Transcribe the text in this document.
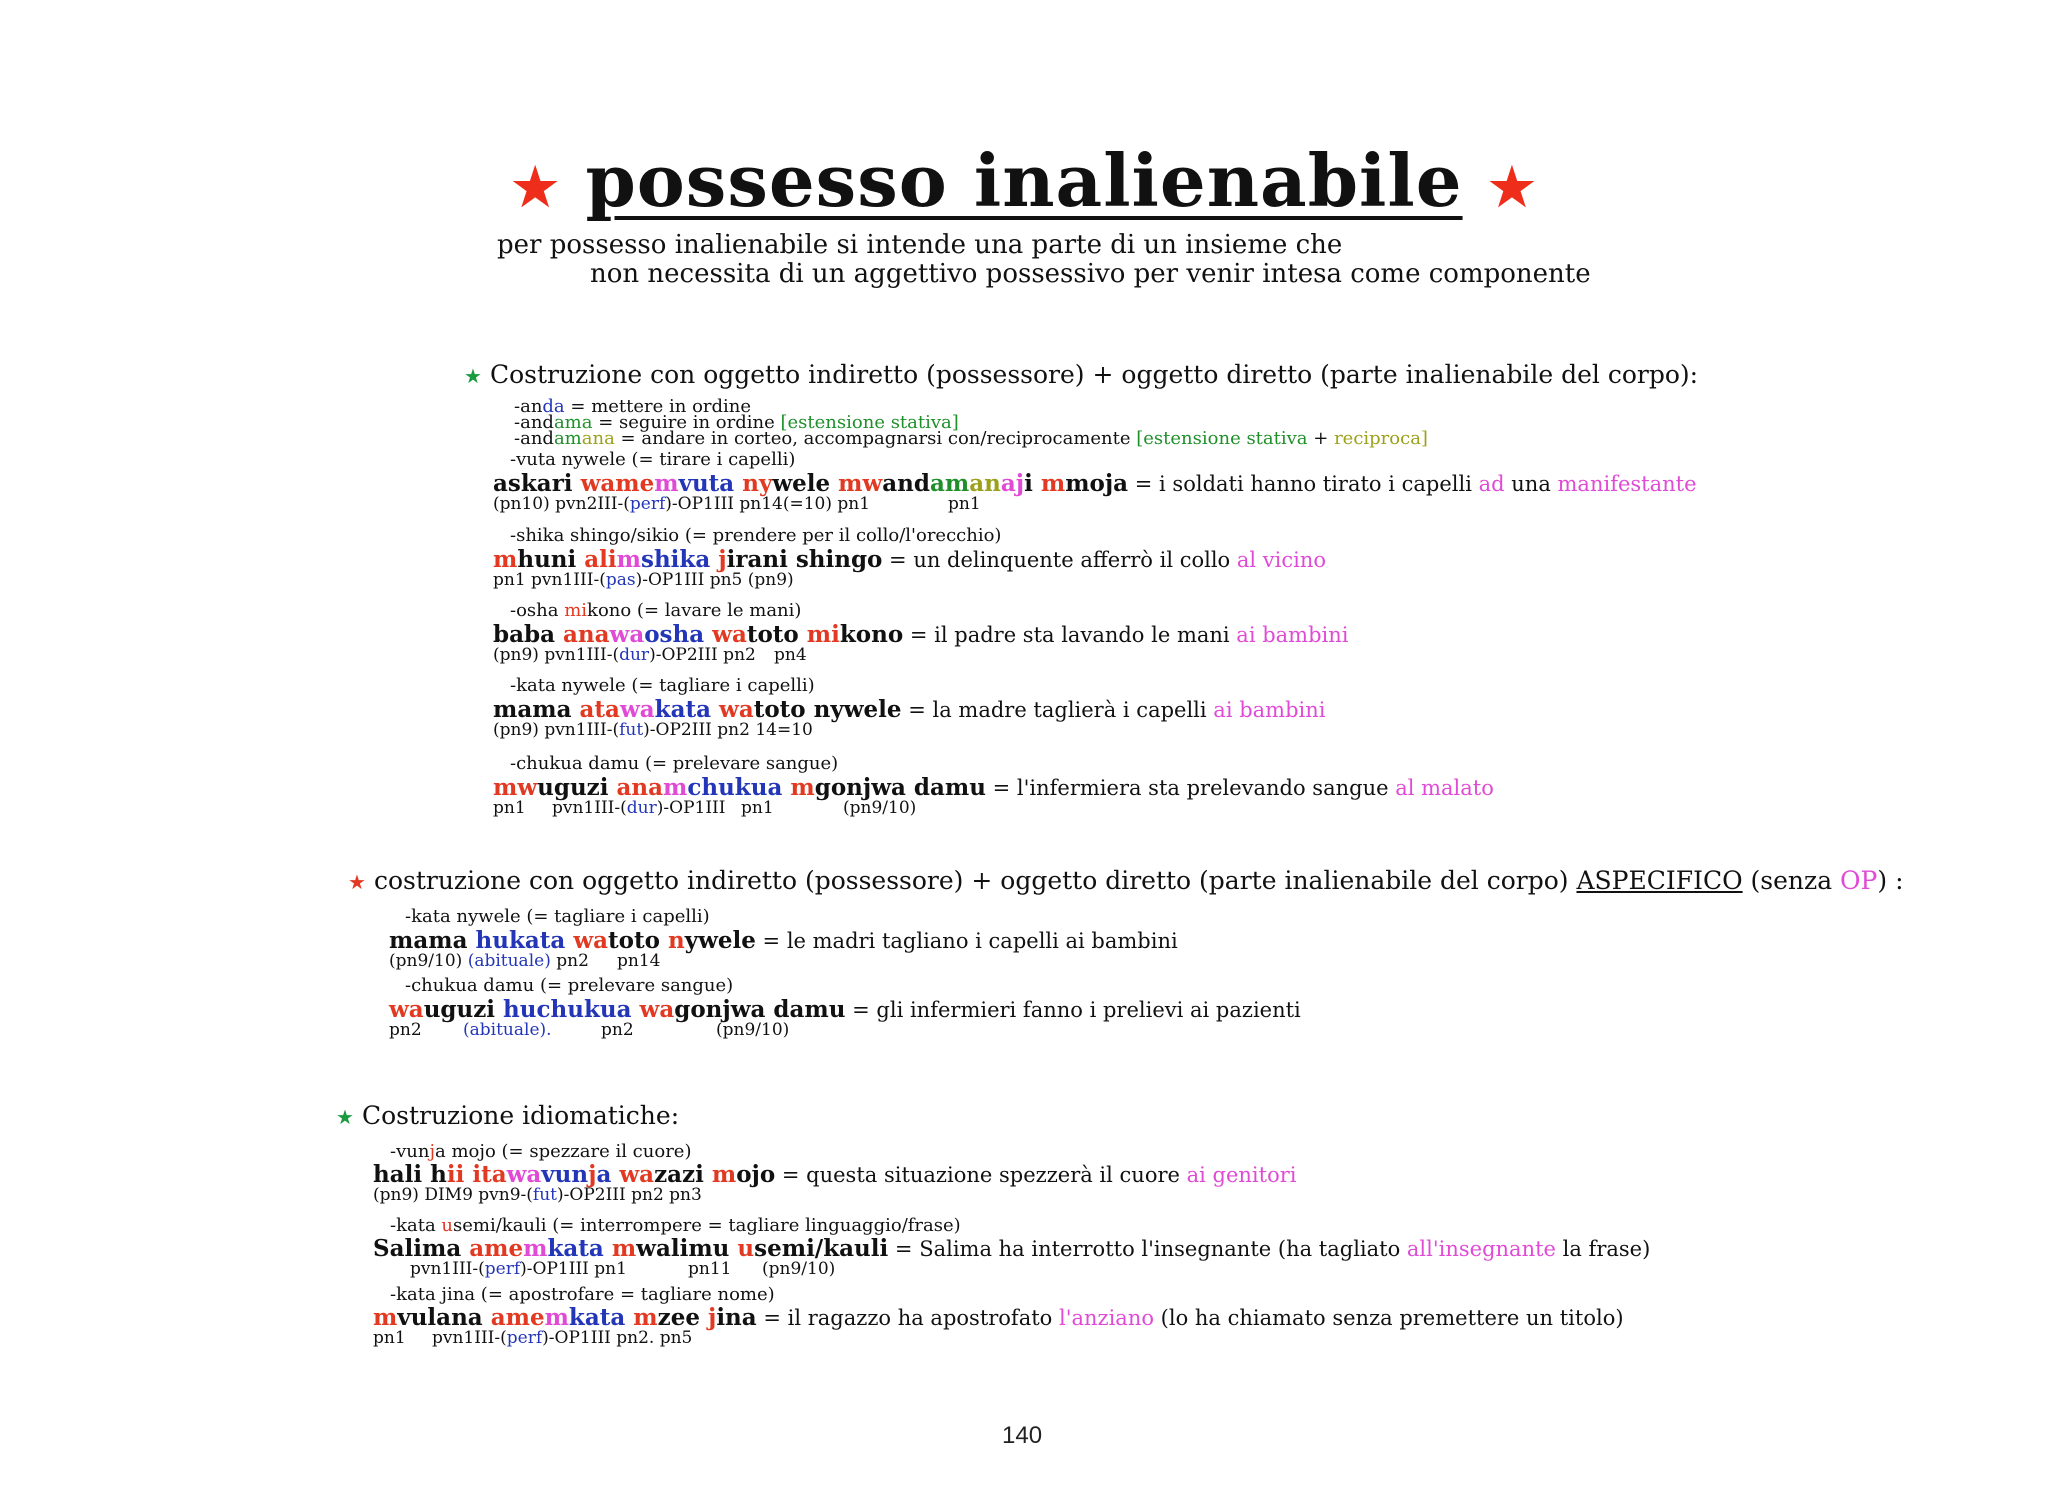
★ possesso inalienabile ★
per possesso inalienabile si intende una parte di un insieme che
non necessita di un aggettivo possessivo per venir intesa come componente
★ Costruzione con oggetto indiretto (possessore) + oggetto diretto (parte inalienabile del corpo):
-anda = mettere in ordine
-andama = seguire in ordine [estensione stativa]
-andamana = andare in corteo, accompagnarsi con/reciprocamente [estensione stativa + reciproca]
-vuta nywele (= tirare i capelli)
askari wamemvuta nywele mwandamanaji mmoja = i soldati hanno tirato i capelli ad una manifestante
(pn10) pvn2III-(perf)-OP1III pn14(=10) pn1	pn1
-shika shingo/sikio (= prendere per il collo/l'orecchio)
mhuni alimshika jirani shingo = un delinquente afferrò il collo al vicino
pn1 pvn1III-(pas)-OP1III pn5 (pn9)
-osha mikono (= lavare le mani)
baba anawaosha watoto mikono = il padre sta lavando le mani ai bambini
(pn9) pvn1III-(dur)-OP2III pn2 pn4
-kata nywele (= tagliare i capelli)
mama atawakata watoto nywele = la madre taglierà i capelli ai bambini
(pn9) pvn1III-(fut)-OP2III pn2 14=10
-chukua damu (= prelevare sangue)
mwuguzi anamchukua mgonjwa damu = l'infermiera sta prelevando sangue al malato
pn1 pvn1III-(dur)-OP1III pn1	(pn9/10)
★ costruzione con oggetto indiretto (possessore) + oggetto diretto (parte inalienabile del corpo) ASPECIFICO (senza OP) :
-kata nywele (= tagliare i capelli)
mama hukata watoto nywele = le madri tagliano i capelli ai bambini
(pn9/10) (abituale) pn2 pn14
-chukua damu (= prelevare sangue)
wauguzi huchukua wagonjwa damu = gli infermieri fanno i prelievi ai pazienti
pn2 (abituale).	pn2	(pn9/10)
★ Costruzione idiomatiche:
-vunja mojo (= spezzare il cuore)
hali hii itawavunja wazazi mojo = questa situazione spezzerà il cuore ai genitori
(pn9) DIM9 pvn9-(fut)-OP2III pn2 pn3
-kata usemi/kauli (= interrompere = tagliare linguaggio/frase)
Salima amemkata mwalimu usemi/kauli = Salima ha interrotto l'insegnante (ha tagliato all'insegnante la frase)
pvn1III-(perf)-OP1III pn1	pn11 (pn9/10)
-kata jina (= apostrofare = tagliare nome)
mvulana amemkata mzee jina = il ragazzo ha apostrofato l'anziano (lo ha chiamato senza premettere un titolo)
pn1 pvn1III-(perf)-OP1III pn2. pn5
140
